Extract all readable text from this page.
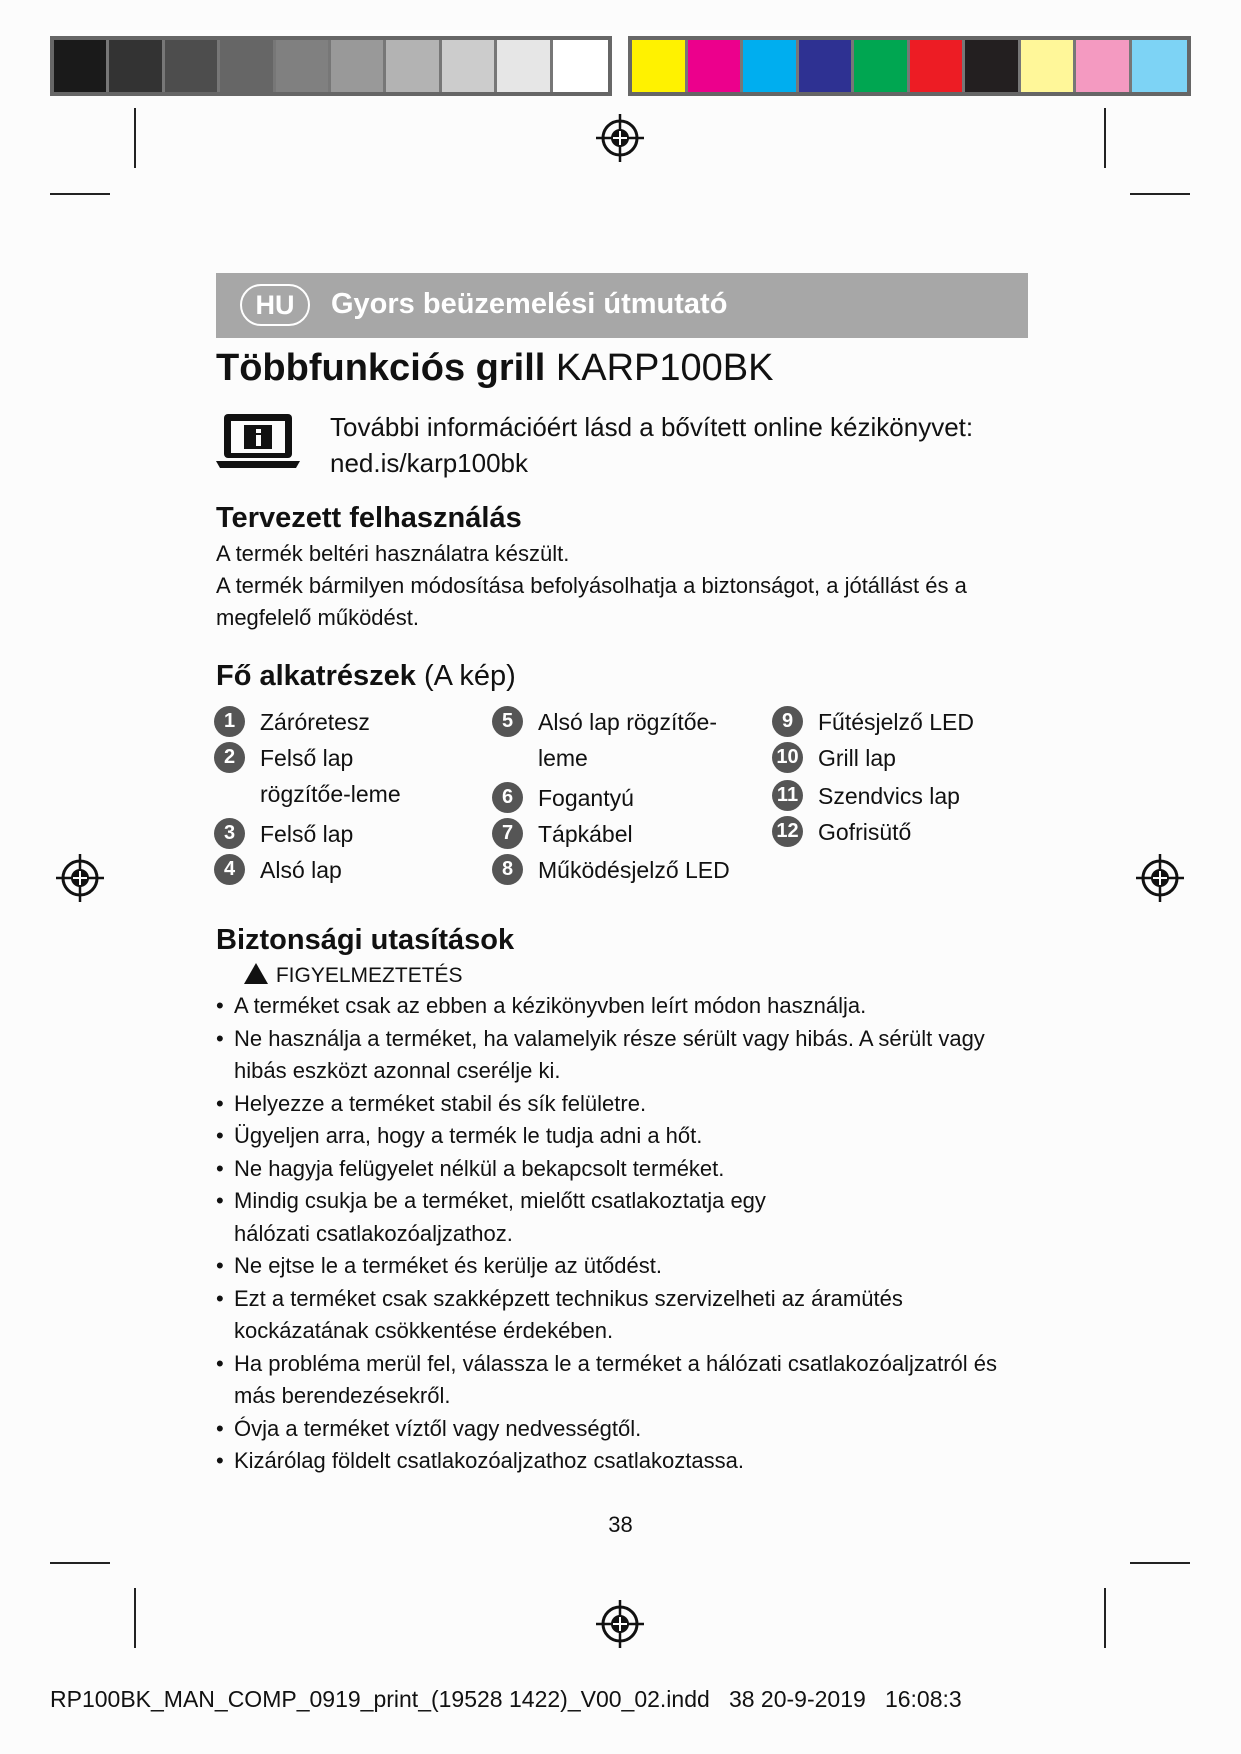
HU	Gyors beüzemelési útmutató
Többfunkciós grill KARP100BK
További információért lásd a bővített online kézikönyvet:
ned.is/karp100bk
Tervezett felhasználás
A termék beltéri használatra készült.
A termék bármilyen módosítása befolyásolhatja a biztonságot, a jótállást és a megfelelő működést.
Fő alkatrészek (A kép)
1	Záróretesz
2	Felső lap rögzítőe-leme
3	Felső lap
4	Alsó lap
5	Alsó lap rögzítőe-leme
6	Fogantyú
7	Tápkábel
8	Működésjelző LED
9	Fűtésjelző LED
10 Grill lap
11 Szendvics lap
12 Gofrisütő
Biztonsági utasítások
FIGYELMEZTETÉS
• A terméket csak az ebben a kézikönyvben leírt módon használja.
• Ne használja a terméket, ha valamelyik része sérült vagy hibás. A sérült vagy hibás eszközt azonnal cserélje ki.
• Helyezze a terméket stabil és sík felületre.
• Ügyeljen arra, hogy a termék le tudja adni a hőt.
• Ne hagyja felügyelet nélkül a bekapcsolt terméket.
• Mindig csukja be a terméket, mielőtt csatlakoztatja egy hálózati csatlakozóaljzathoz.
• Ne ejtse le a terméket és kerülje az ütődést.
• Ezt a terméket csak szakképzett technikus szervizelheti az áramütés kockázatának csökkentése érdekében.
• Ha probléma merül fel, válassza le a terméket a hálózati csatlakozóaljzatról és más berendezésekről.
• Óvja a terméket víztől vagy nedvességtől.
• Kizárólag földelt csatlakozóaljzathoz csatlakoztassa.
38
RP100BK_MAN_COMP_0919_print_(19528 1422)_V00_02.indd   38 20-9-2019   16:08:3
